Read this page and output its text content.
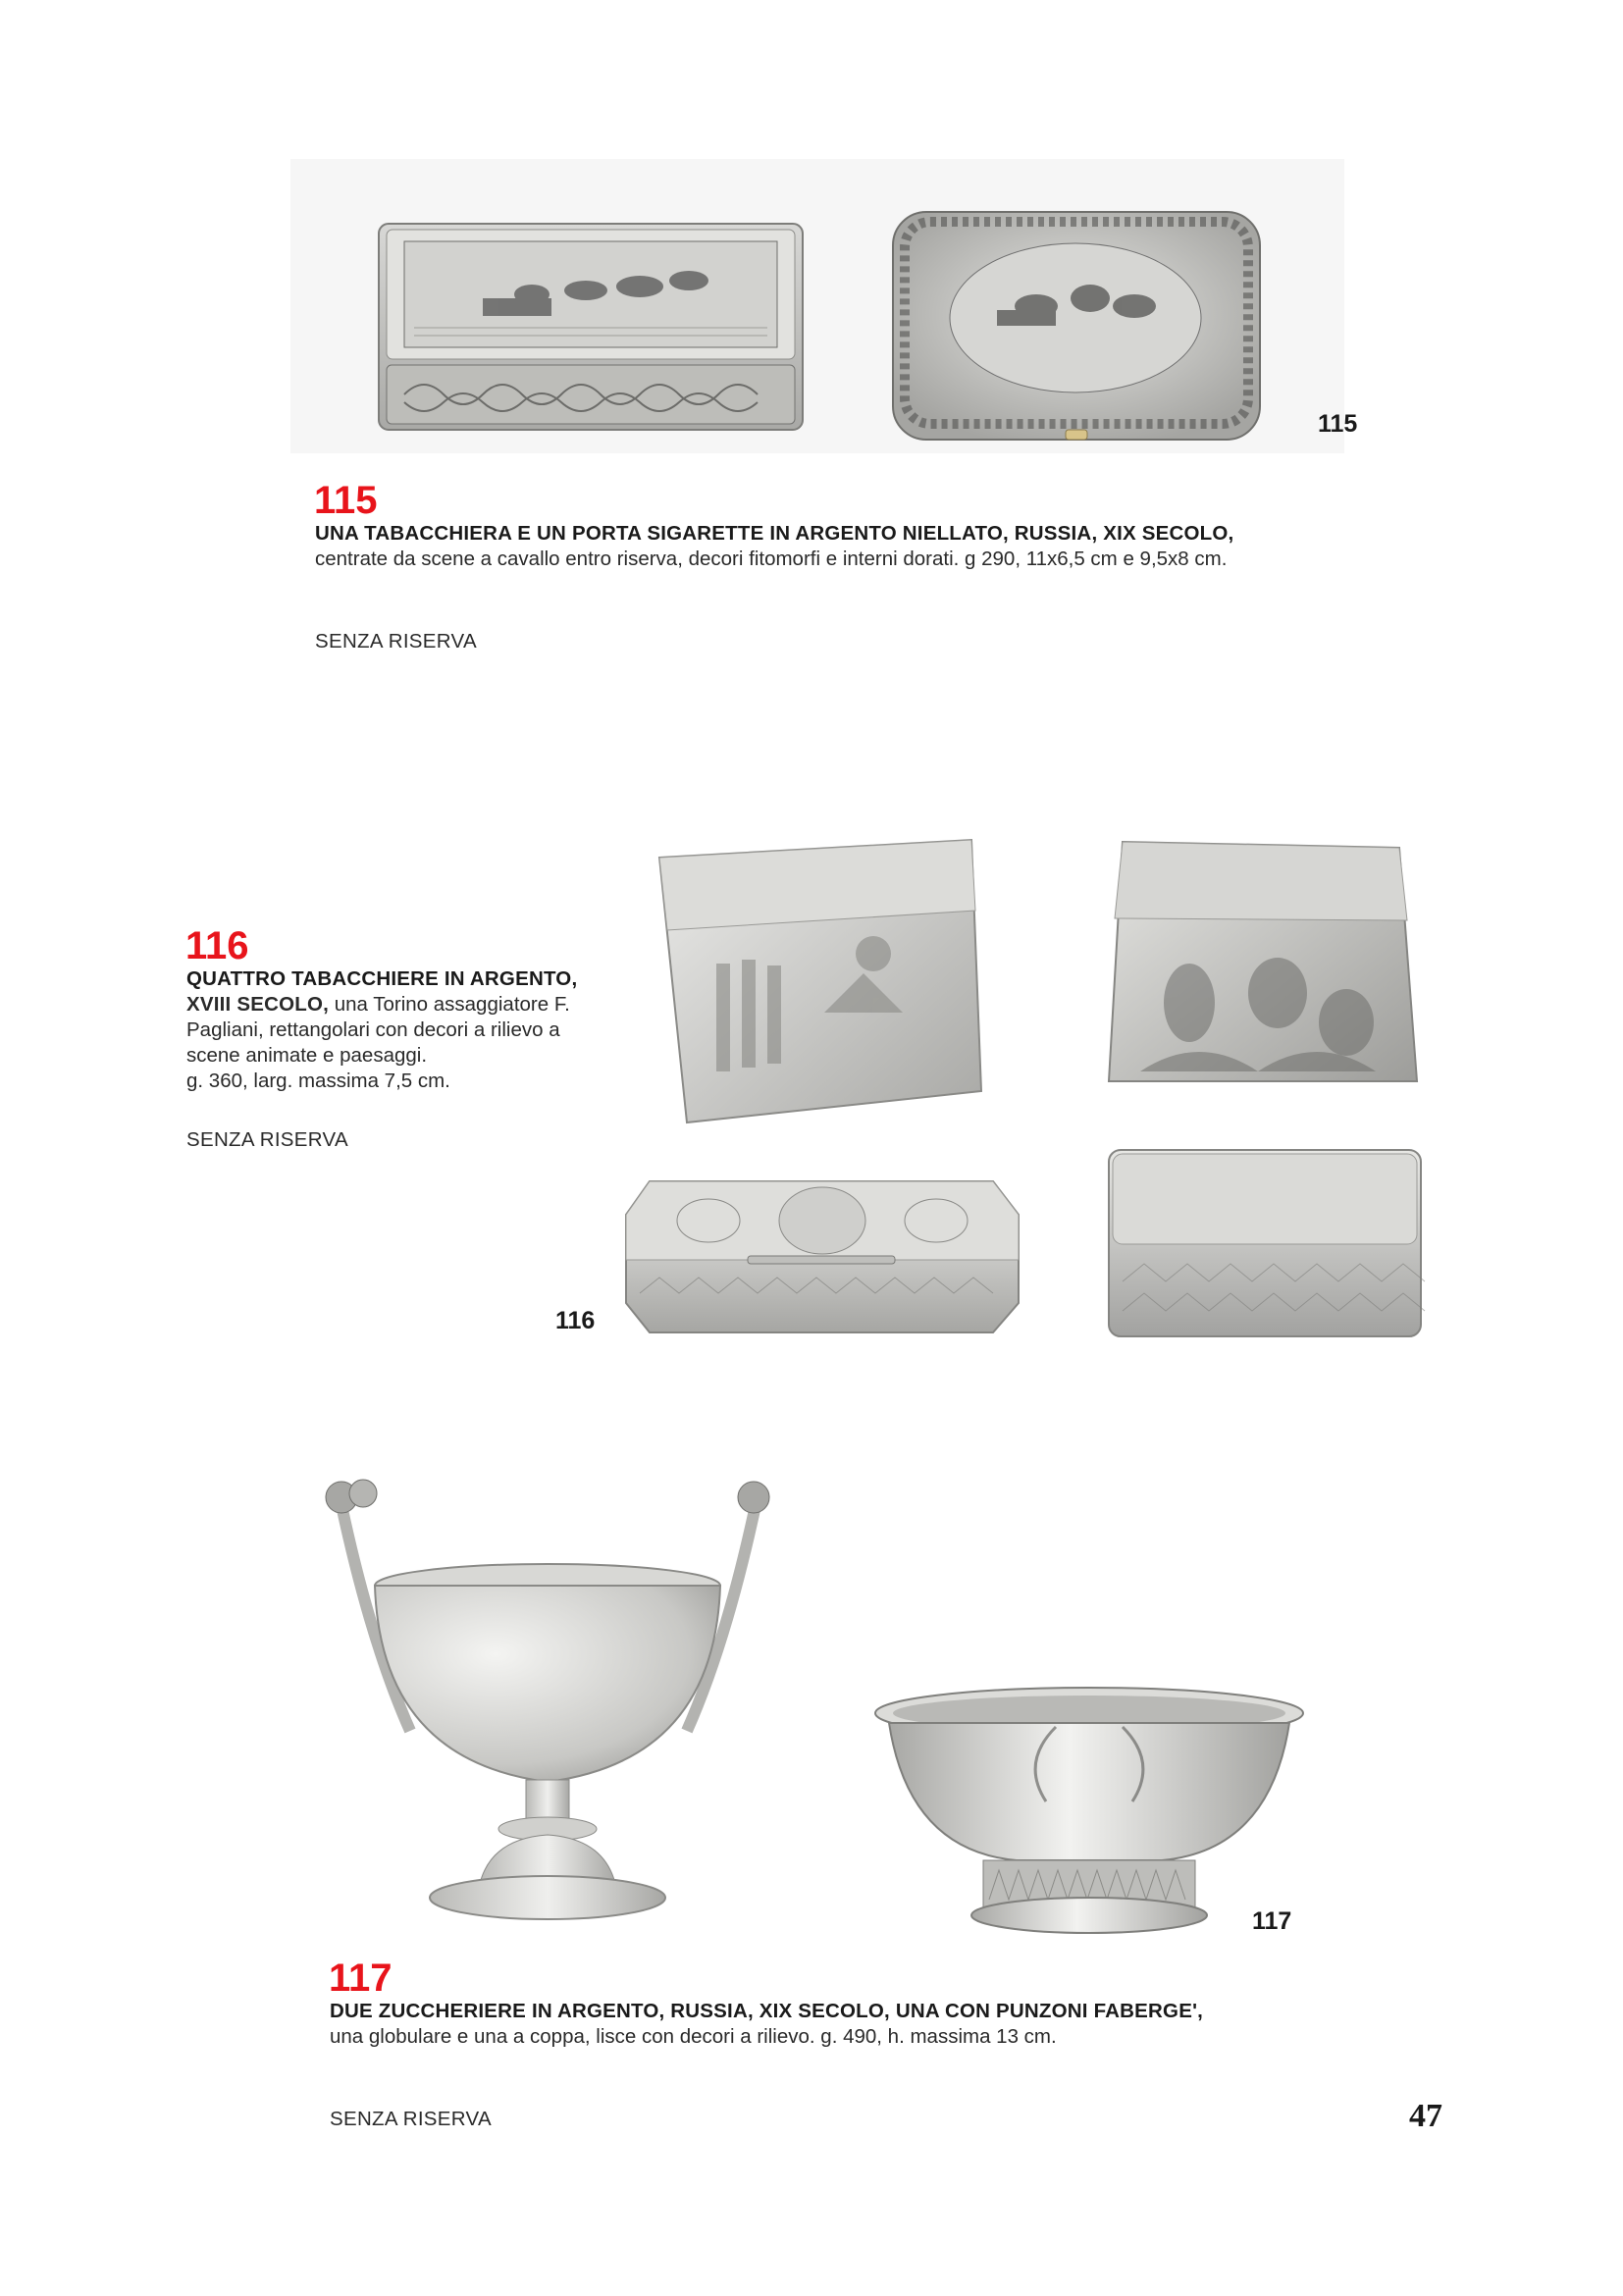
115
115
UNA TABACCHIERA E UN PORTA SIGARETTE IN ARGENTO NIELLATO, RUSSIA, XIX SECOLO,
centrate da scene a cavallo entro riserva, decori fitomorfi e interni dorati. g 290, 11x6,5 cm e 9,5x8 cm.
SENZA RISERVA
116
QUATTRO TABACCHIERE IN ARGENTO,
XVIII SECOLO, una Torino assaggiatore F.
Pagliani, rettangolari con decori a rilievo a
scene animate e paesaggi.
g. 360, larg. massima 7,5 cm.
SENZA RISERVA
116
117
117
DUE ZUCCHERIERE IN ARGENTO, RUSSIA, XIX SECOLO, UNA CON PUNZONI FABERGE',
una globulare e una a coppa, lisce con decori a rilievo. g. 490, h. massima 13 cm.
SENZA RISERVA	47
